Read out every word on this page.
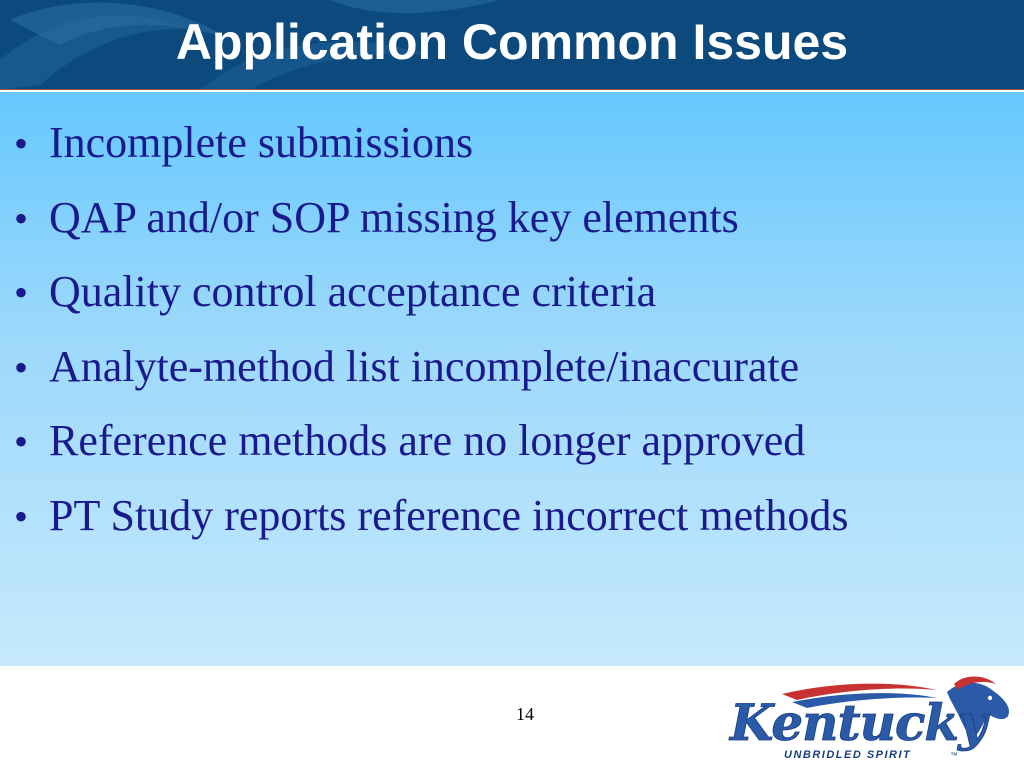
Application Common Issues
• Incomplete submissions
• QAP and/or SOP missing key elements
• Quality control acceptance criteria
• Analyte-method list incomplete/inaccurate
• Reference methods are no longer approved
• PT Study reports reference incorrect methods
14	Kentucky
UNBRIDLED SPIRIT	™
